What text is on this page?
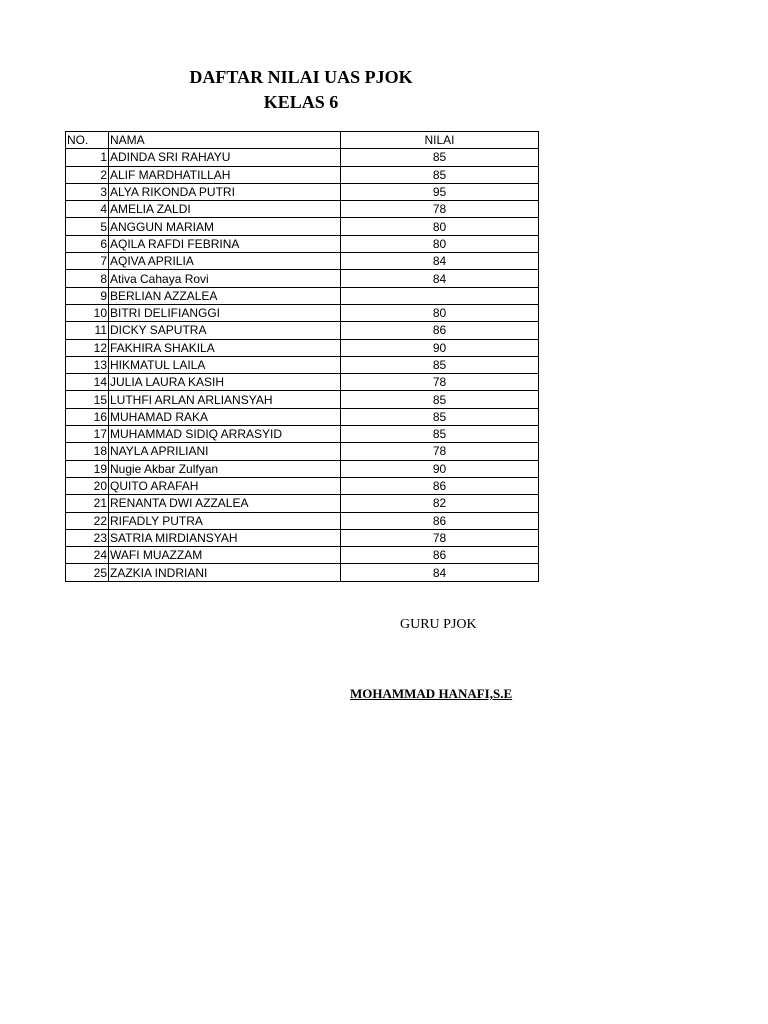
DAFTAR NILAI UAS PJOK
KELAS 6
NO.	NAMA	NILAI
1	ADINDA SRI RAHAYU	85
2	ALIF MARDHATILLAH	85
3	ALYA RIKONDA PUTRI	95
4	AMELIA ZALDI	78
5	ANGGUN MARIAM	80
6	AQILA RAFDI FEBRINA	80
7	AQIVA APRILIA	84
8	Ativa Cahaya Rovi	84
9	BERLIAN AZZALEA	
10	BITRI DELIFIANGGI	80
11	DICKY SAPUTRA	86
12	FAKHIRA SHAKILA	90
13	HIKMATUL LAILA	85
14	JULIA LAURA KASIH	78
15	LUTHFI ARLAN ARLIANSYAH	85
16	MUHAMAD RAKA	85
17	MUHAMMAD SIDIQ ARRASYID	85
18	NAYLA APRILIANI	78
19	Nugie Akbar Zulfyan	90
20	QUITO ARAFAH	86
21	RENANTA DWI AZZALEA	82
22	RIFADLY PUTRA	86
23	SATRIA MIRDIANSYAH	78
24	WAFI MUAZZAM	86
25	ZAZKIA INDRIANI	84
GURU PJOK
MOHAMMAD HANAFI,S.E
